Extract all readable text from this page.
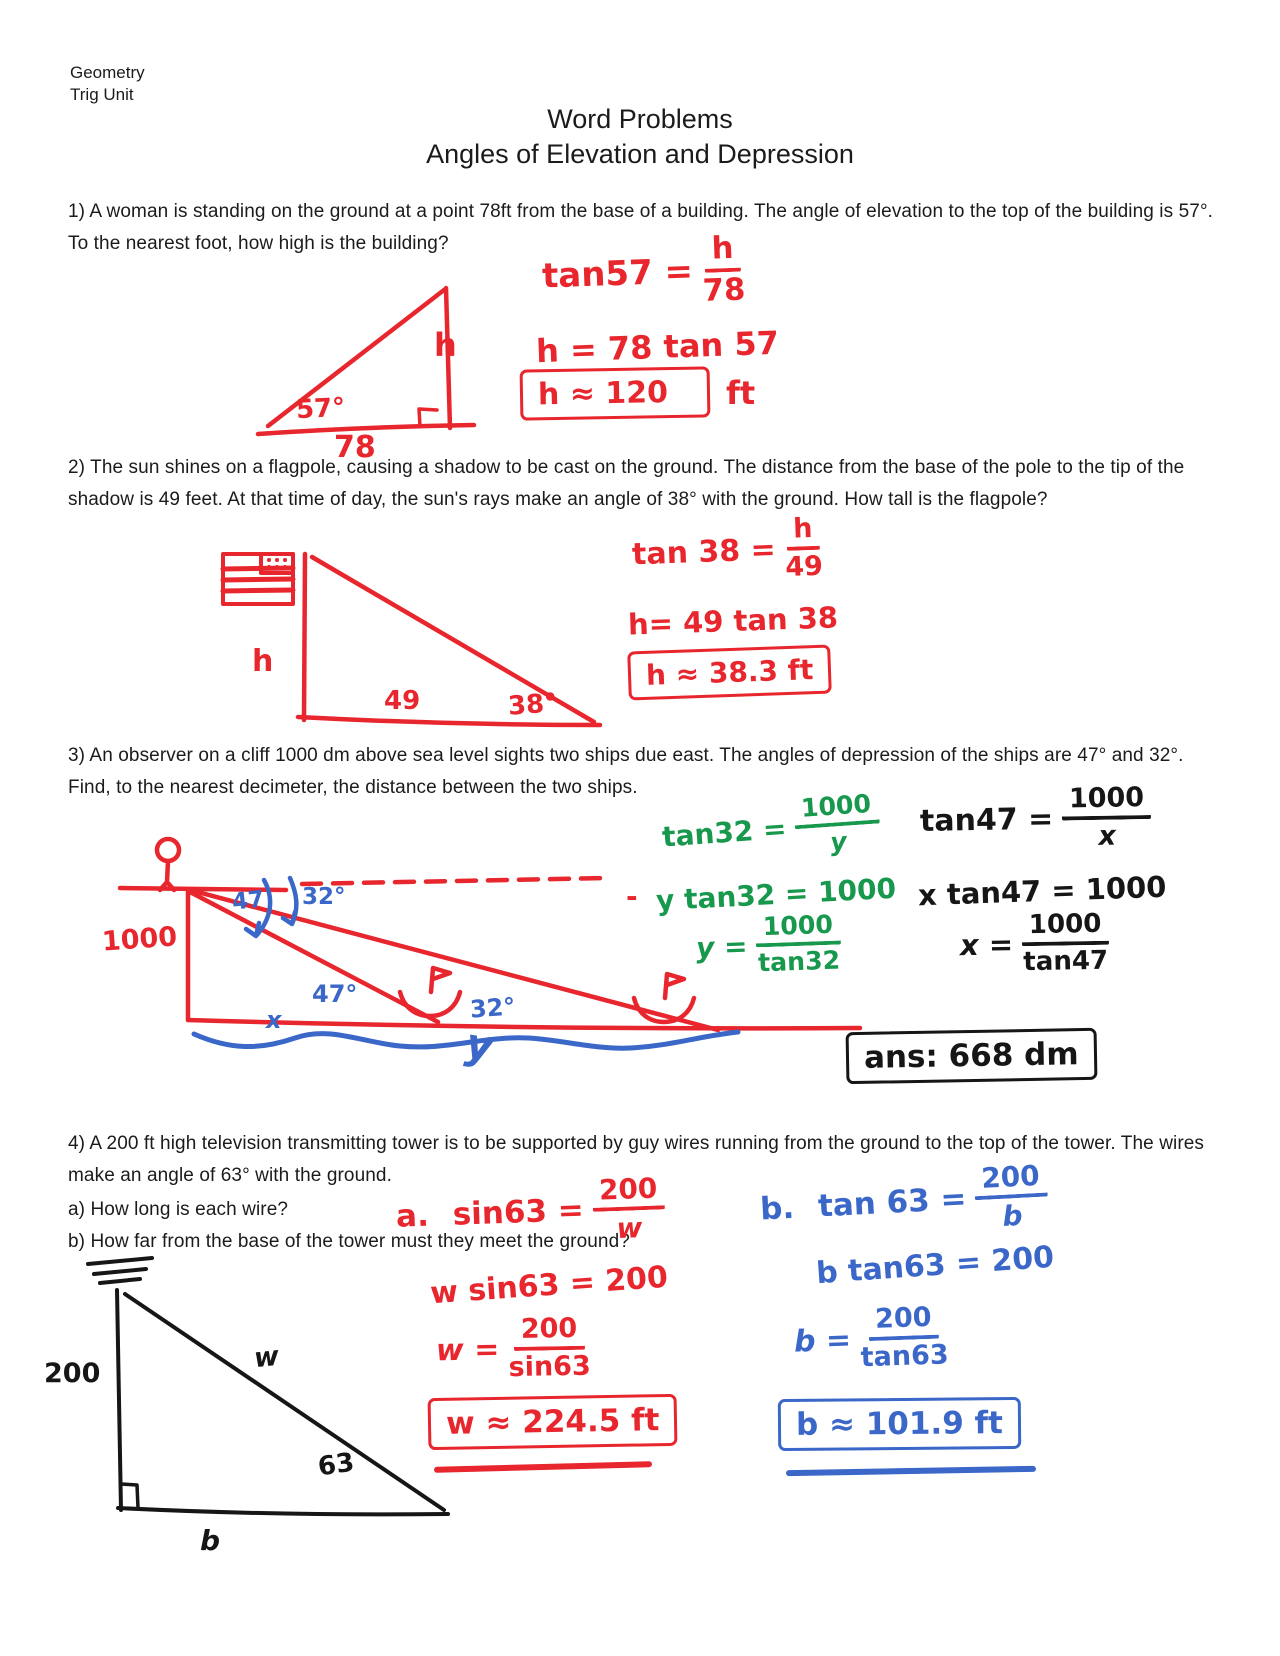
Geometry
Trig Unit
Word Problems
Angles of Elevation and Depression
1) A woman is standing on the ground at a point 78ft from the base of a building. The angle of elevation to the top of the building is 57°. To the nearest foot, how high is the building?
57°
78
h
$\tan 57 = \frac{h}{78}$
h = 78 tan 57
h ≈ 120	ft
2) The sun shines on a flagpole, causing a shadow to be cast on the ground. The distance from the base of the pole to the tip of the shadow is 49 feet. At that time of day, the sun's rays make an angle of 38° with the ground. How tall is the flagpole?
h
49	38°
$\tan 38 = \frac{h}{49}$
h= 49 tan 38
h ≈ 38.3 ft
3) An observer on a cliff 1000 dm above sea level sights two ships due east. The angles of depression of the ships are 47° and 32°. Find, to the nearest decimeter, the distance between the two ships.
1000
47 32°
47°	32°
x	y
$\tan 32 = \frac{1000}{y}$
- y tan32 = 1000
$y = \frac{1000}{\tan 32}$
$\tan 47 = \frac{1000}{x}$
x tan47 = 1000
$x = \frac{1000}{\tan 47}$
ans: 668 dm
4) A 200 ft high television transmitting tower is to be supported by guy wires running from the ground to the top of the tower. The wires make an angle of 63° with the ground.
a) How long is each wire?
b) How far from the base of the tower must they meet the ground?
200	w
63
b
a. $\sin 63 = \frac{200}{w}$
w sin63 = 200
$w = \frac{200}{\sin 63}$
w ≈ 224.5 ft
b. $\tan 63 = \frac{200}{b}$
b tan63 = 200
$b = \frac{200}{\tan 63}$
b ≈ 101.9 ft
